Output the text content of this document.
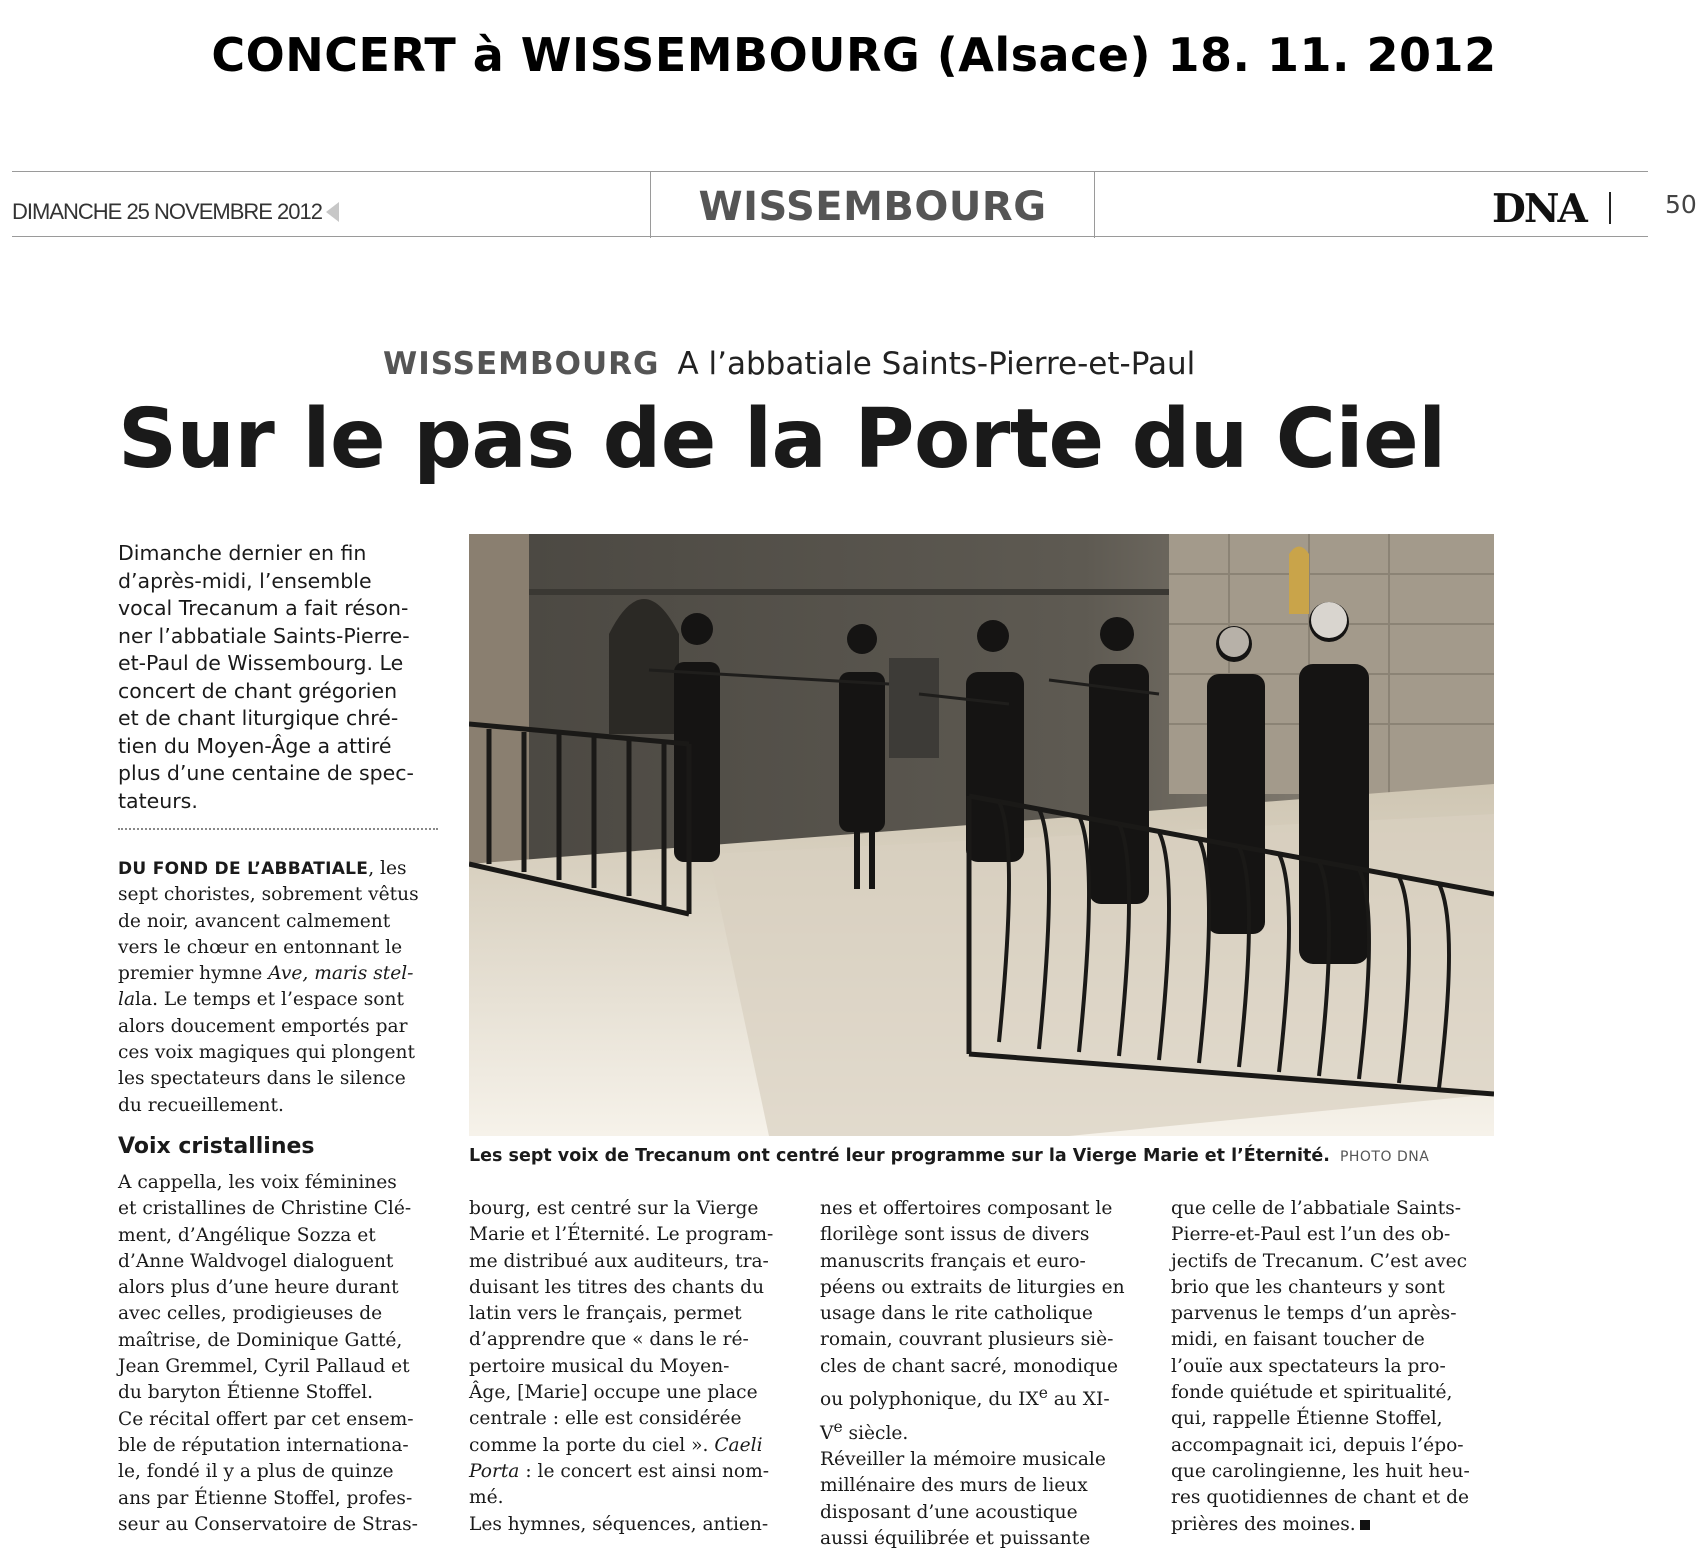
CONCERT à WISSEMBOURG (Alsace) 18. 11. 2012
DIMANCHE 25 NOVEMBRE 2012	WISSEMBOURG	DNA	50
WISSEMBOURG A l’abbatiale Saints-Pierre-et-Paul
Sur le pas de la Porte du Ciel
Dimanche dernier en fin
d’après-midi, l’ensemble
vocal Trecanum a fait réson-
ner l’abbatiale Saints-Pierre-
et-Paul de Wissembourg. Le
concert de chant grégorien
et de chant liturgique chré-
tien du Moyen-Âge a attiré
plus d’une centaine de spec-
tateurs.
DU FOND DE L’ABBATIALE, les
sept choristes, sobrement vêtus
de noir, avancent calmement
vers le chœur en entonnant le
premier hymne Ave, maris stel-
lala. Le temps et l’espace sont
alors doucement emportés par
ces voix magiques qui plongent
les spectateurs dans le silence
du recueillement.
Voix cristallines
A cappella, les voix féminines
et cristallines de Christine Clé-
ment, d’Angélique Sozza et
d’Anne Waldvogel dialoguent
alors plus d’une heure durant
avec celles, prodigieuses de
maîtrise, de Dominique Gatté,
Jean Gremmel, Cyril Pallaud et
du baryton Étienne Stoffel.
Ce récital offert par cet ensem-
ble de réputation internationa-
le, fondé il y a plus de quinze
ans par Étienne Stoffel, profes-
seur au Conservatoire de Stras-
Les sept voix de Trecanum ont centré leur programme sur la Vierge Marie et l’Éternité. PHOTO DNA
bourg, est centré sur la Vierge
Marie et l’Éternité. Le program-
me distribué aux auditeurs, tra-
duisant les titres des chants du
latin vers le français, permet
d’apprendre que « dans le ré-
pertoire musical du Moyen-
Âge, [Marie] occupe une place
centrale : elle est considérée
comme la porte du ciel ». Caeli
Porta : le concert est ainsi nom-
mé.
Les hymnes, séquences, antien-
nes et offertoires composant le
florilège sont issus de divers
manuscrits français et euro-
péens ou extraits de liturgies en
usage dans le rite catholique
romain, couvrant plusieurs siè-
cles de chant sacré, monodique
ou polyphonique, du IXe au XI-
Ve siècle.
Réveiller la mémoire musicale
millénaire des murs de lieux
disposant d’une acoustique
aussi équilibrée et puissante
que celle de l’abbatiale Saints-
Pierre-et-Paul est l’un des ob-
jectifs de Trecanum. C’est avec
brio que les chanteurs y sont
parvenus le temps d’un après-
midi, en faisant toucher de
l’ouïe aux spectateurs la pro-
fonde quiétude et spiritualité,
qui, rappelle Étienne Stoffel,
accompagnait ici, depuis l’épo-
que carolingienne, les huit heu-
res quotidiennes de chant et de
prières des moines.
